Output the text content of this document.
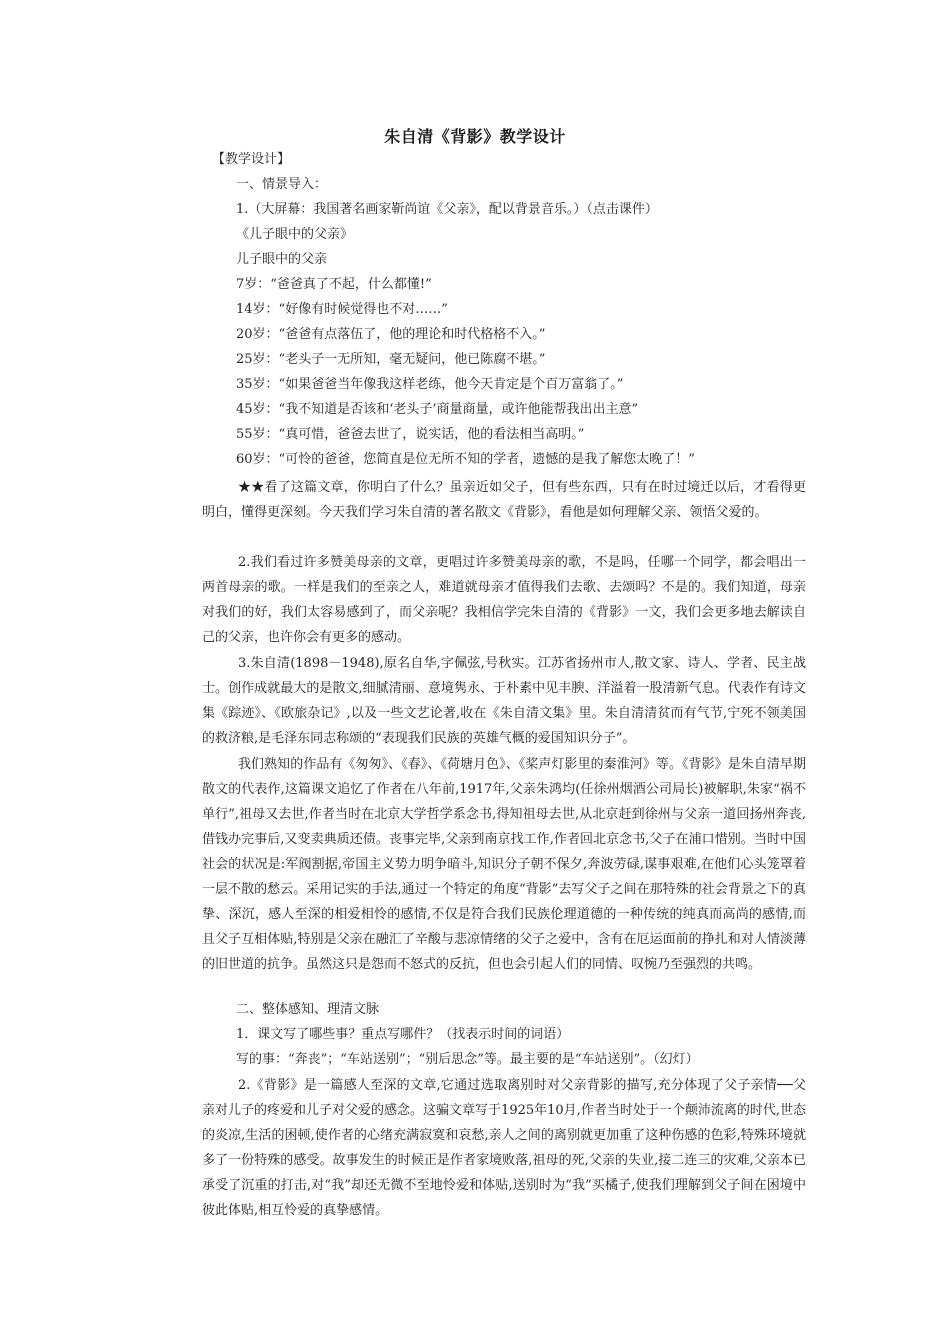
朱自清《背影》教学设计
【教学设计】
一、情景导入：
1.（大屏幕：我国著名画家靳尚谊《父亲》，配以背景音乐。）（点击课件）
《儿子眼中的父亲》
儿子眼中的父亲
7岁：“爸爸真了不起，什么都懂!”
14岁：“好像有时候觉得也不对……”
20岁：“爸爸有点落伍了，他的理论和时代格格不入。”
25岁：“老头子一无所知，毫无疑问，他已陈腐不堪。”
35岁：“如果爸爸当年像我这样老练，他今天肯定是个百万富翁了。”
45岁：“我不知道是否该和‘老头子’商量商量，或许他能帮我出出主意”
55岁：“真可惜，爸爸去世了，说实话，他的看法相当高明。”
60岁：“可怜的爸爸，您简直是位无所不知的学者，遗憾的是我了解您太晚了！”

★★看了这篇文章，你明白了什么？虽亲近如父子，但有些东西，只有在时过境迁以后，才看得更明白，懂得更深刻。今天我们学习朱自清的著名散文《背影》，看他是如何理解父亲、领悟父爱的。

2.我们看过许多赞美母亲的文章，更唱过许多赞美母亲的歌，不是吗，任哪一个同学，都会唱出一两首母亲的歌。一样是我们的至亲之人，难道就母亲才值得我们去歌、去颂吗？不是的。我们知道，母亲对我们的好，我们太容易感到了，而父亲呢？我相信学完朱自清的《背影》一文，我们会更多地去解读自己的父亲，也许你会有更多的感动。

3.朱自清(1898－1948),原名自华,字佩弦,号秋实。江苏省扬州市人,散文家、诗人、学者、民主战士。创作成就最大的是散文,细腻清丽、意境隽永、于朴素中见丰腴、洋溢着一股清新气息。代表作有诗文集《踪迹》、《欧旅杂记》,以及一些文艺论著,收在《朱自清文集》里。朱自清清贫而有气节,宁死不领美国的救济粮,是毛泽东同志称颂的“表现我们民族的英雄气概的爱国知识分子”。

我们熟知的作品有《匆匆》、《春》、《荷塘月色》、《桨声灯影里的秦淮河》等。《背影》是朱自清早期散文的代表作,这篇课文追忆了作者在八年前,1917年,父亲朱鸿均(任徐州烟酒公司局长)被解职,朱家“祸不单行”,祖母又去世,作者当时在北京大学哲学系念书,得知祖母去世,从北京赶到徐州与父亲一道回扬州奔丧,借钱办完事后,又变卖典质还债。丧事完毕,父亲到南京找工作,作者回北京念书,父子在浦口惜别。当时中国社会的状况是:军阀割据,帝国主义势力明争暗斗,知识分子朝不保夕,奔波劳碌,谋事艰难,在他们心头笼罩着一层不散的愁云。采用记实的手法,通过一个特定的角度“背影”去写父子之间在那特殊的社会背景之下的真挚、深沉，感人至深的相爱相怜的感情,不仅是符合我们民族伦理道德的一种传统的纯真而高尚的感情,而且父子互相体贴,特别是父亲在融汇了辛酸与悲凉情绪的父子之爱中，含有在厄运面前的挣扎和对人情淡薄的旧世道的抗争。虽然这只是怨而不怒式的反抗，但也会引起人们的同情、叹惋乃至强烈的共鸣。

二、整体感知、理清文脉
1．课文写了哪些事？重点写哪件？（找表示时间的词语）
写的事：“奔丧”；“车站送别”；“别后思念”等。最主要的是“车站送别”。（幻灯）

2.《背影》是一篇感人至深的文章,它通过选取离别时对父亲背影的描写,充分体现了父子亲情──父亲对儿子的疼爱和儿子对父爱的感念。这骗文章写于1925年10月,作者当时处于一个颠沛流离的时代,世态的炎凉,生活的困顿,使作者的心绪充满寂寞和哀愁,亲人之间的离别就更加重了这种伤感的色彩,特殊环境就多了一份特殊的感受。故事发生的时候正是作者家境败落,祖母的死,父亲的失业,接二连三的灾难,父亲本已承受了沉重的打击,对“我”却还无微不至地怜爱和体贴,送别时为“我”买橘子,使我们理解到父子间在困境中彼此体贴,相互怜爱的真挚感情。
